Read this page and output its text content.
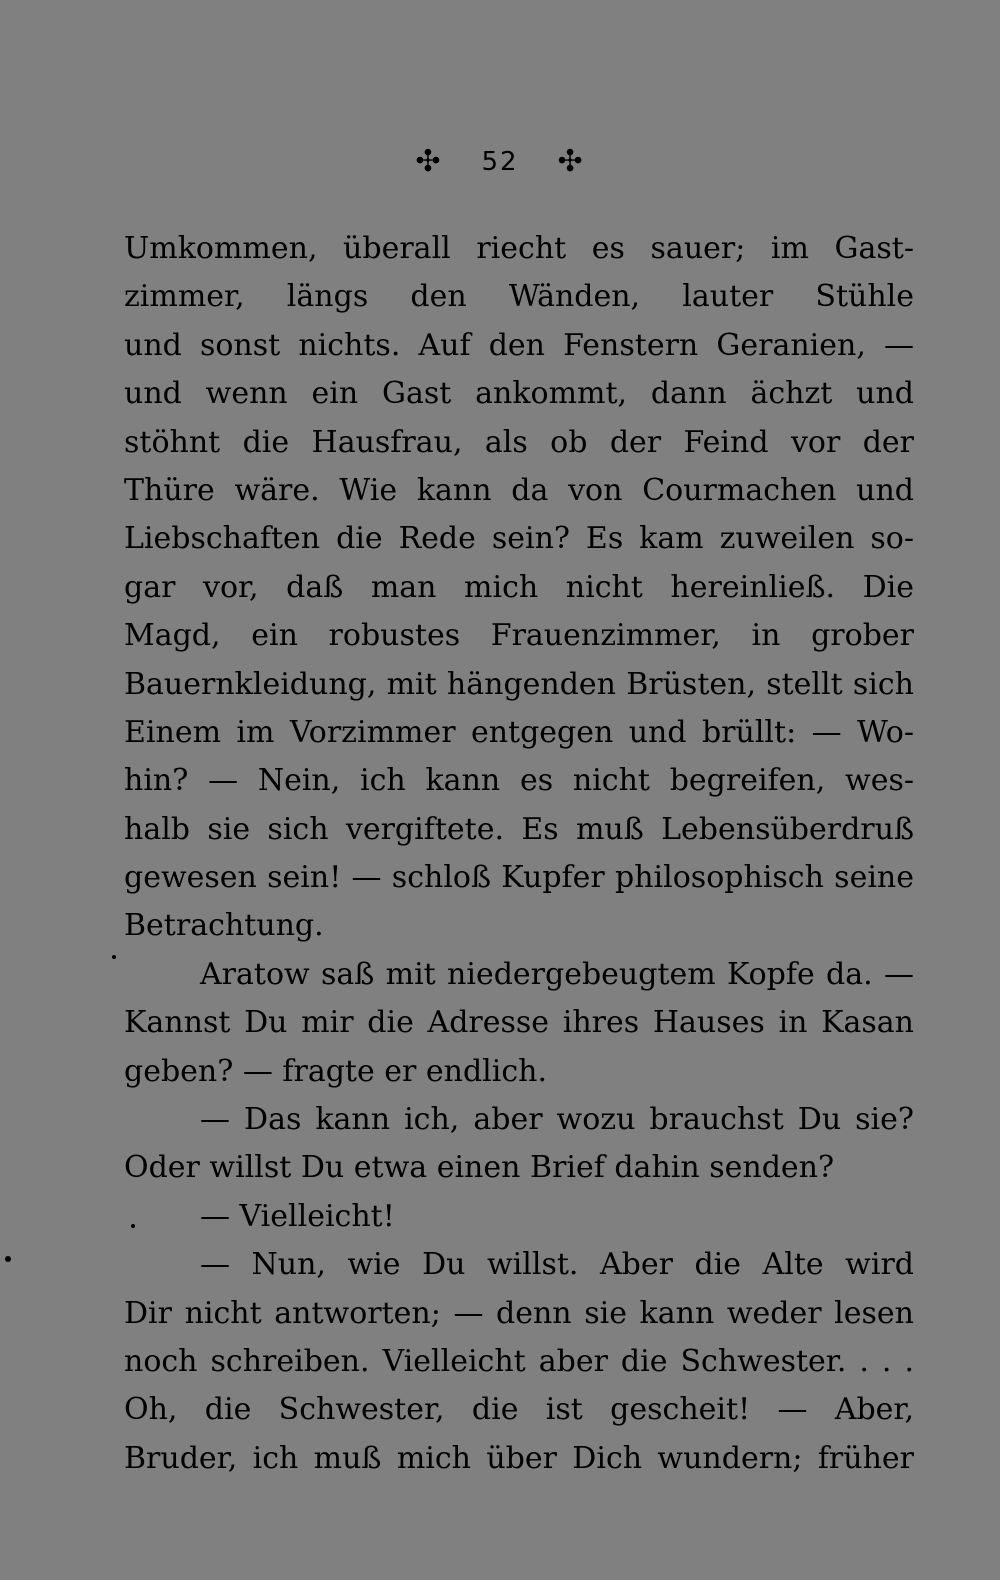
✣ 52 ✣
Umkommen, überall riecht es sauer; im Gast-
zimmer, längs den Wänden, lauter Stühle
und sonst nichts. Auf den Fenstern Geranien, —
und wenn ein Gast ankommt, dann ächzt und
stöhnt die Hausfrau, als ob der Feind vor der
Thüre wäre. Wie kann da von Courmachen und
Liebschaften die Rede sein? Es kam zuweilen so-
gar vor, daß man mich nicht hereinließ. Die
Magd, ein robustes Frauenzimmer, in grober
Bauernkleidung, mit hängenden Brüsten, stellt sich
Einem im Vorzimmer entgegen und brüllt: — Wo-
hin? — Nein, ich kann es nicht begreifen, wes-
halb sie sich vergiftete. Es muß Lebensüberdruß
gewesen sein! — schloß Kupfer philosophisch seine
Betrachtung.
Aratow saß mit niedergebeugtem Kopfe da. —
Kannst Du mir die Adresse ihres Hauses in Kasan
geben? — fragte er endlich.
— Das kann ich, aber wozu brauchst Du sie?
Oder willst Du etwa einen Brief dahin senden?
— Vielleicht!
— Nun, wie Du willst. Aber die Alte wird
Dir nicht antworten; — denn sie kann weder lesen
noch schreiben. Vielleicht aber die Schwester. . . .
Oh, die Schwester, die ist gescheit! — Aber,
Bruder, ich muß mich über Dich wundern; früher
